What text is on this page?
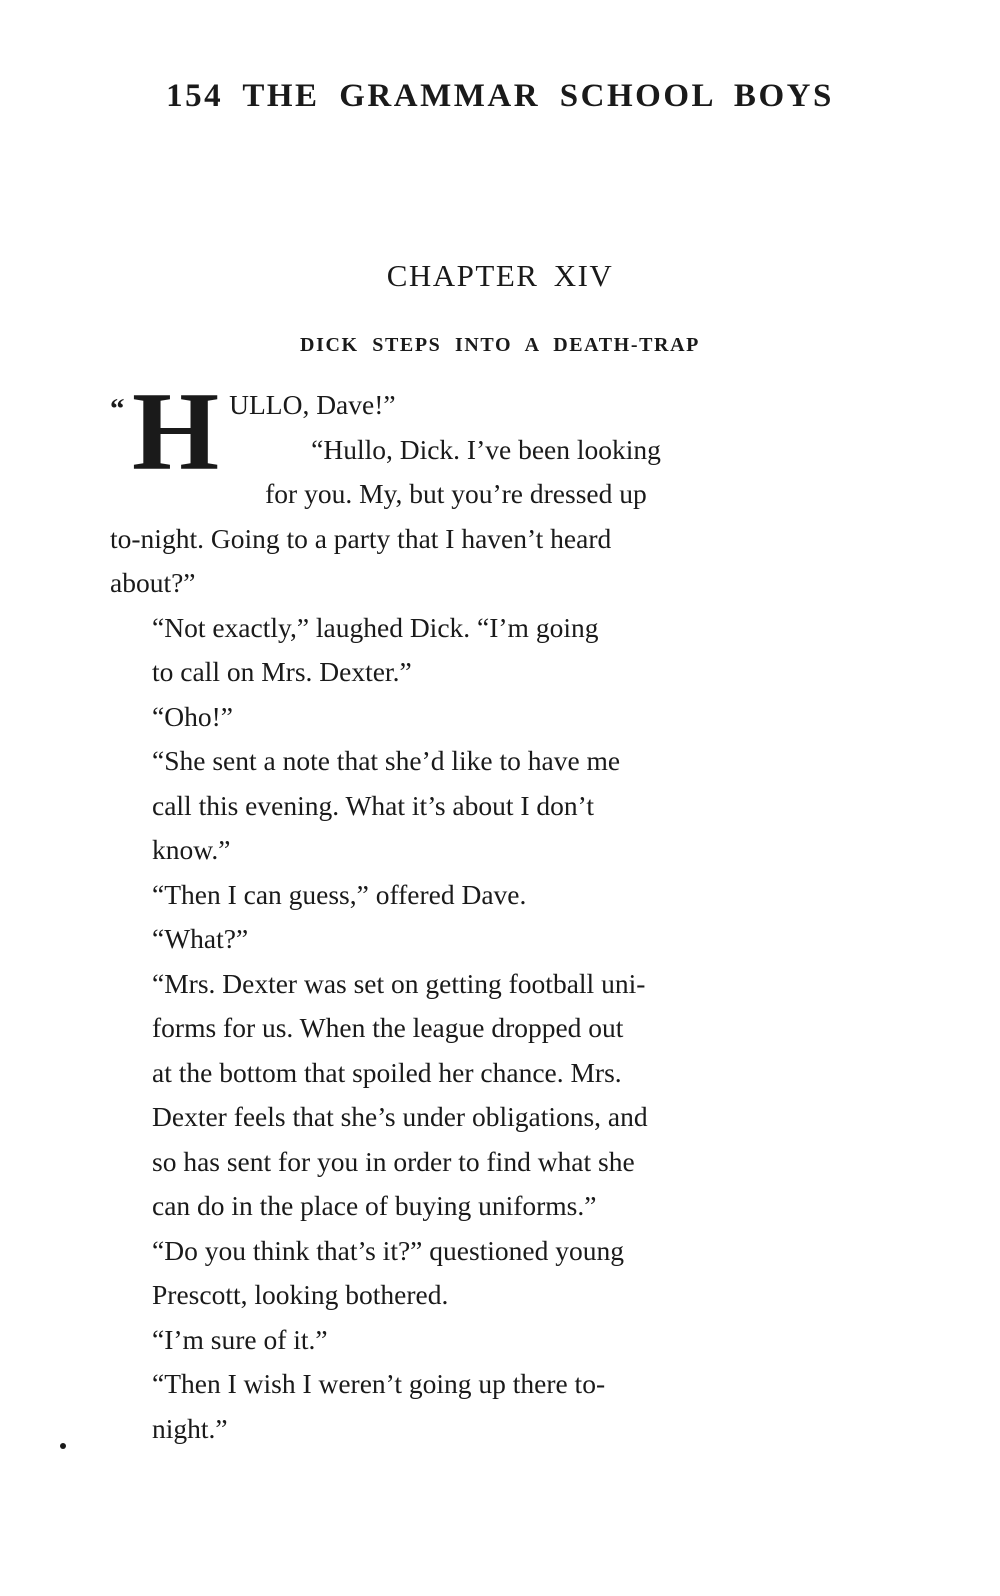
154 THE GRAMMAR SCHOOL BOYS
CHAPTER XIV
DICK STEPS INTO A DEATH-TRAP
“ H ULLO, Dave!”
“Hullo, Dick. I’ve been looking
for you. My, but you’re dressed up
to-night. Going to a party that I haven’t heard
about?”

“Not exactly,” laughed Dick. “I’m going
to call on Mrs. Dexter.”

“Oho!”

“She sent a note that she’d like to have me
call this evening. What it’s about I don’t
know.”

“Then I can guess,” offered Dave.

“What?”

“Mrs. Dexter was set on getting football uni-
forms for us. When the league dropped out
at the bottom that spoiled her chance. Mrs.
Dexter feels that she’s under obligations, and
so has sent for you in order to find what she
can do in the place of buying uniforms.”

“Do you think that’s it?” questioned young
Prescott, looking bothered.

“I’m sure of it.”

“Then I wish I weren’t going up there to-
night.”
